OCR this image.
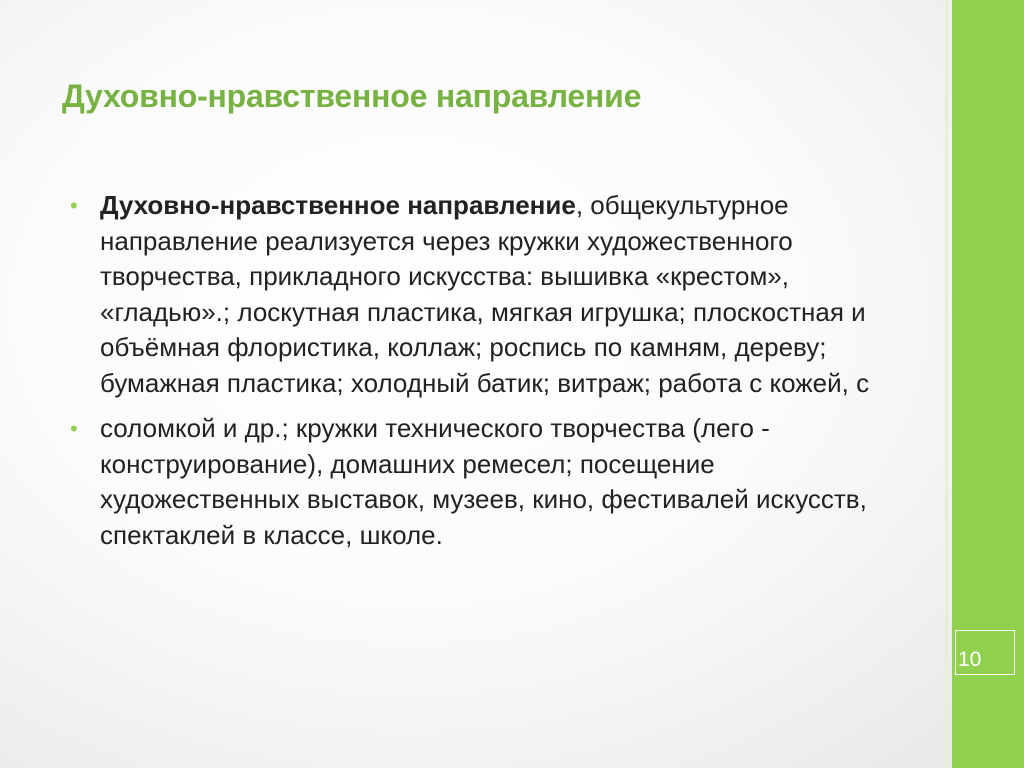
10
Духовно-нравственное направление
• Духовно-нравственное направление, общекультурное направление реализуется через кружки художественного творчества, прикладного искусства: вышивка «крестом», «гладью».; лоскутная пластика, мягкая игрушка; плоскостная и объёмная флористика, коллаж; роспись по камням, дереву; бумажная пластика; холодный батик; витраж; работа с кожей, с
• соломкой и др.; кружки технического творчества (лего - конструирование), домашних ремесел; посещение художественных выставок, музеев, кино, фестивалей искусств, спектаклей в классе, школе.
